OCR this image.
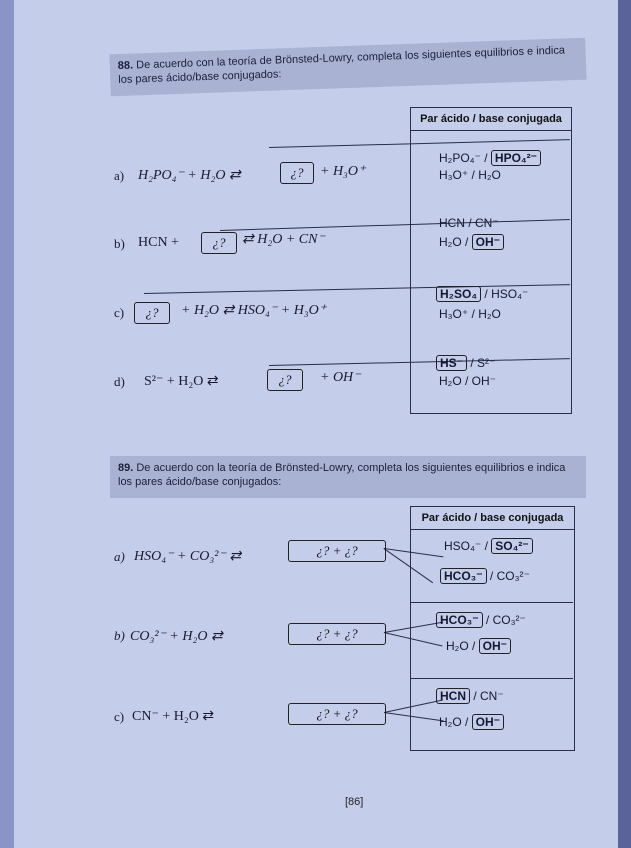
88. De acuerdo con la teoría de Brönsted-Lowry, completa los siguientes equilibrios e indica los pares ácido/base conjugados:
Par ácido / base conjugada
a) H₂PO₄⁻ + H₂O ⇄	¿?	+ H₃O⁺
H₂PO₄⁻ / HPO₄²⁻
H₃O⁺ / H₂O
b) HCN +	¿?	⇄ H₂O + CN⁻
HCN / CN⁻
H₂O / OH⁻
c)	¿?	+ H₂O ⇄ HSO₄⁻ + H₃O⁺
H₂SO₄ / HSO₄⁻
H₃O⁺ / H₂O
d) S²⁻ + H₂O ⇄	¿?	+ OH⁻
HS⁻ / S²⁻
H₂O / OH⁻
89. De acuerdo con la teoría de Brönsted-Lowry, completa los siguientes equilibrios e indica los pares ácido/base conjugados:
Par ácido / base conjugada
a) HSO₄⁻ + CO₃²⁻ ⇄	¿? + ¿?	HSO₄⁻ / SO₄²⁻
HCO₃⁻ / CO₃²⁻
b) CO₃²⁻ + H₂O ⇄	¿? + ¿?
HCO₃⁻ / CO₃²⁻
H₂O / OH⁻
c) CN⁻ + H₂O ⇄	¿? + ¿?
HCN / CN⁻
H₂O / OH⁻
[86]
